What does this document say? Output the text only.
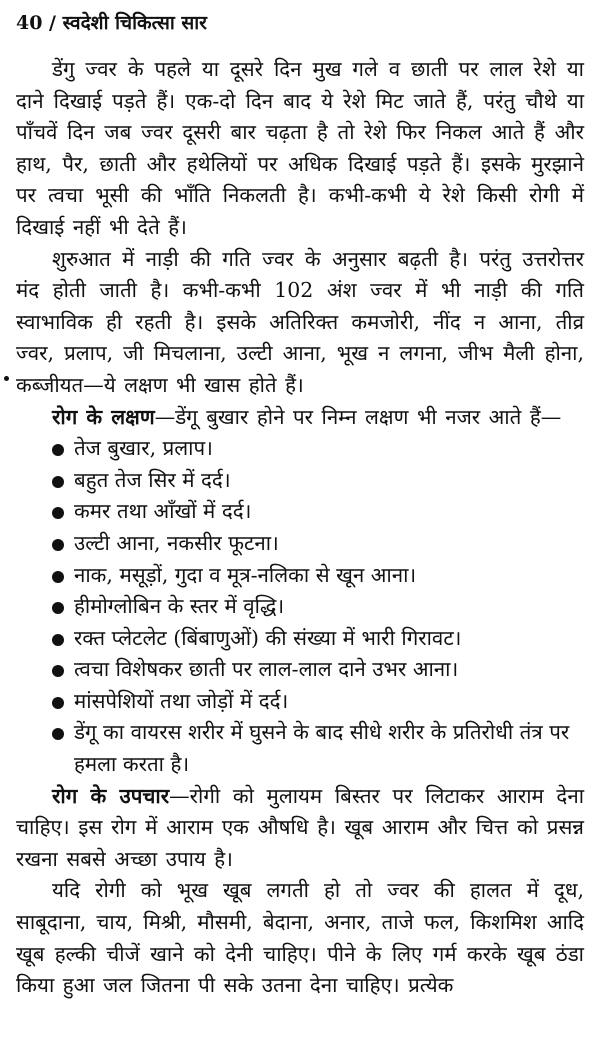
40 / स्वदेशी चिकित्सा सार

डेंगु ज्वर के पहले या दूसरे दिन मुख गले व छाती पर लाल रेशे या दाने दिखाई पड़ते हैं। एक-दो दिन बाद ये रेशे मिट जाते हैं, परंतु चौथे या पाँचवें दिन जब ज्वर दूसरी बार चढ़ता है तो रेशे फिर निकल आते हैं और हाथ, पैर, छाती और हथेलियों पर अधिक दिखाई पड़ते हैं। इसके मुरझाने पर त्वचा भूसी की भाँति निकलती है। कभी-कभी ये रेशे किसी रोगी में दिखाई नहीं भी देते हैं।

शुरुआत में नाड़ी की गति ज्वर के अनुसार बढ़ती है। परंतु उत्तरोत्तर मंद होती जाती है। कभी-कभी 102 अंश ज्वर में भी नाड़ी की गति स्वाभाविक ही रहती है। इसके अतिरिक्त कमजोरी, नींद न आना, तीव्र ज्वर, प्रलाप, जी मिचलाना, उल्टी आना, भूख न लगना, जीभ मैली होना, कब्जीयत—ये लक्षण भी खास होते हैं।

रोग के लक्षण—डेंगू बुखार होने पर निम्न लक्षण भी नजर आते हैं—

तेज बुखार, प्रलाप।
बहुत तेज सिर में दर्द।
कमर तथा आँखों में दर्द।
उल्टी आना, नकसीर फूटना।
नाक, मसूड़ों, गुदा व मूत्र-नलिका से खून आना।
हीमोग्लोबिन के स्तर में वृद्धि।
रक्त प्लेटलेट (बिंबाणुओं) की संख्या में भारी गिरावट।
त्वचा विशेषकर छाती पर लाल-लाल दाने उभर आना।
मांसपेशियों तथा जोड़ों में दर्द।
डेंगू का वायरस शरीर में घुसने के बाद सीधे शरीर के प्रतिरोधी तंत्र पर हमला करता है।

रोग के उपचार—रोगी को मुलायम बिस्तर पर लिटाकर आराम देना चाहिए। इस रोग में आराम एक औषधि है। खूब आराम और चित्त को प्रसन्न रखना सबसे अच्छा उपाय है।

यदि रोगी को भूख खूब लगती हो तो ज्वर की हालत में दूध, साबूदाना, चाय, मिश्री, मौसमी, बेदाना, अनार, ताजे फल, किशमिश आदि खूब हल्की चीजें खाने को देनी चाहिए। पीने के लिए गर्म करके खूब ठंडा किया हुआ जल जितना पी सके उतना देना चाहिए। प्रत्येक
